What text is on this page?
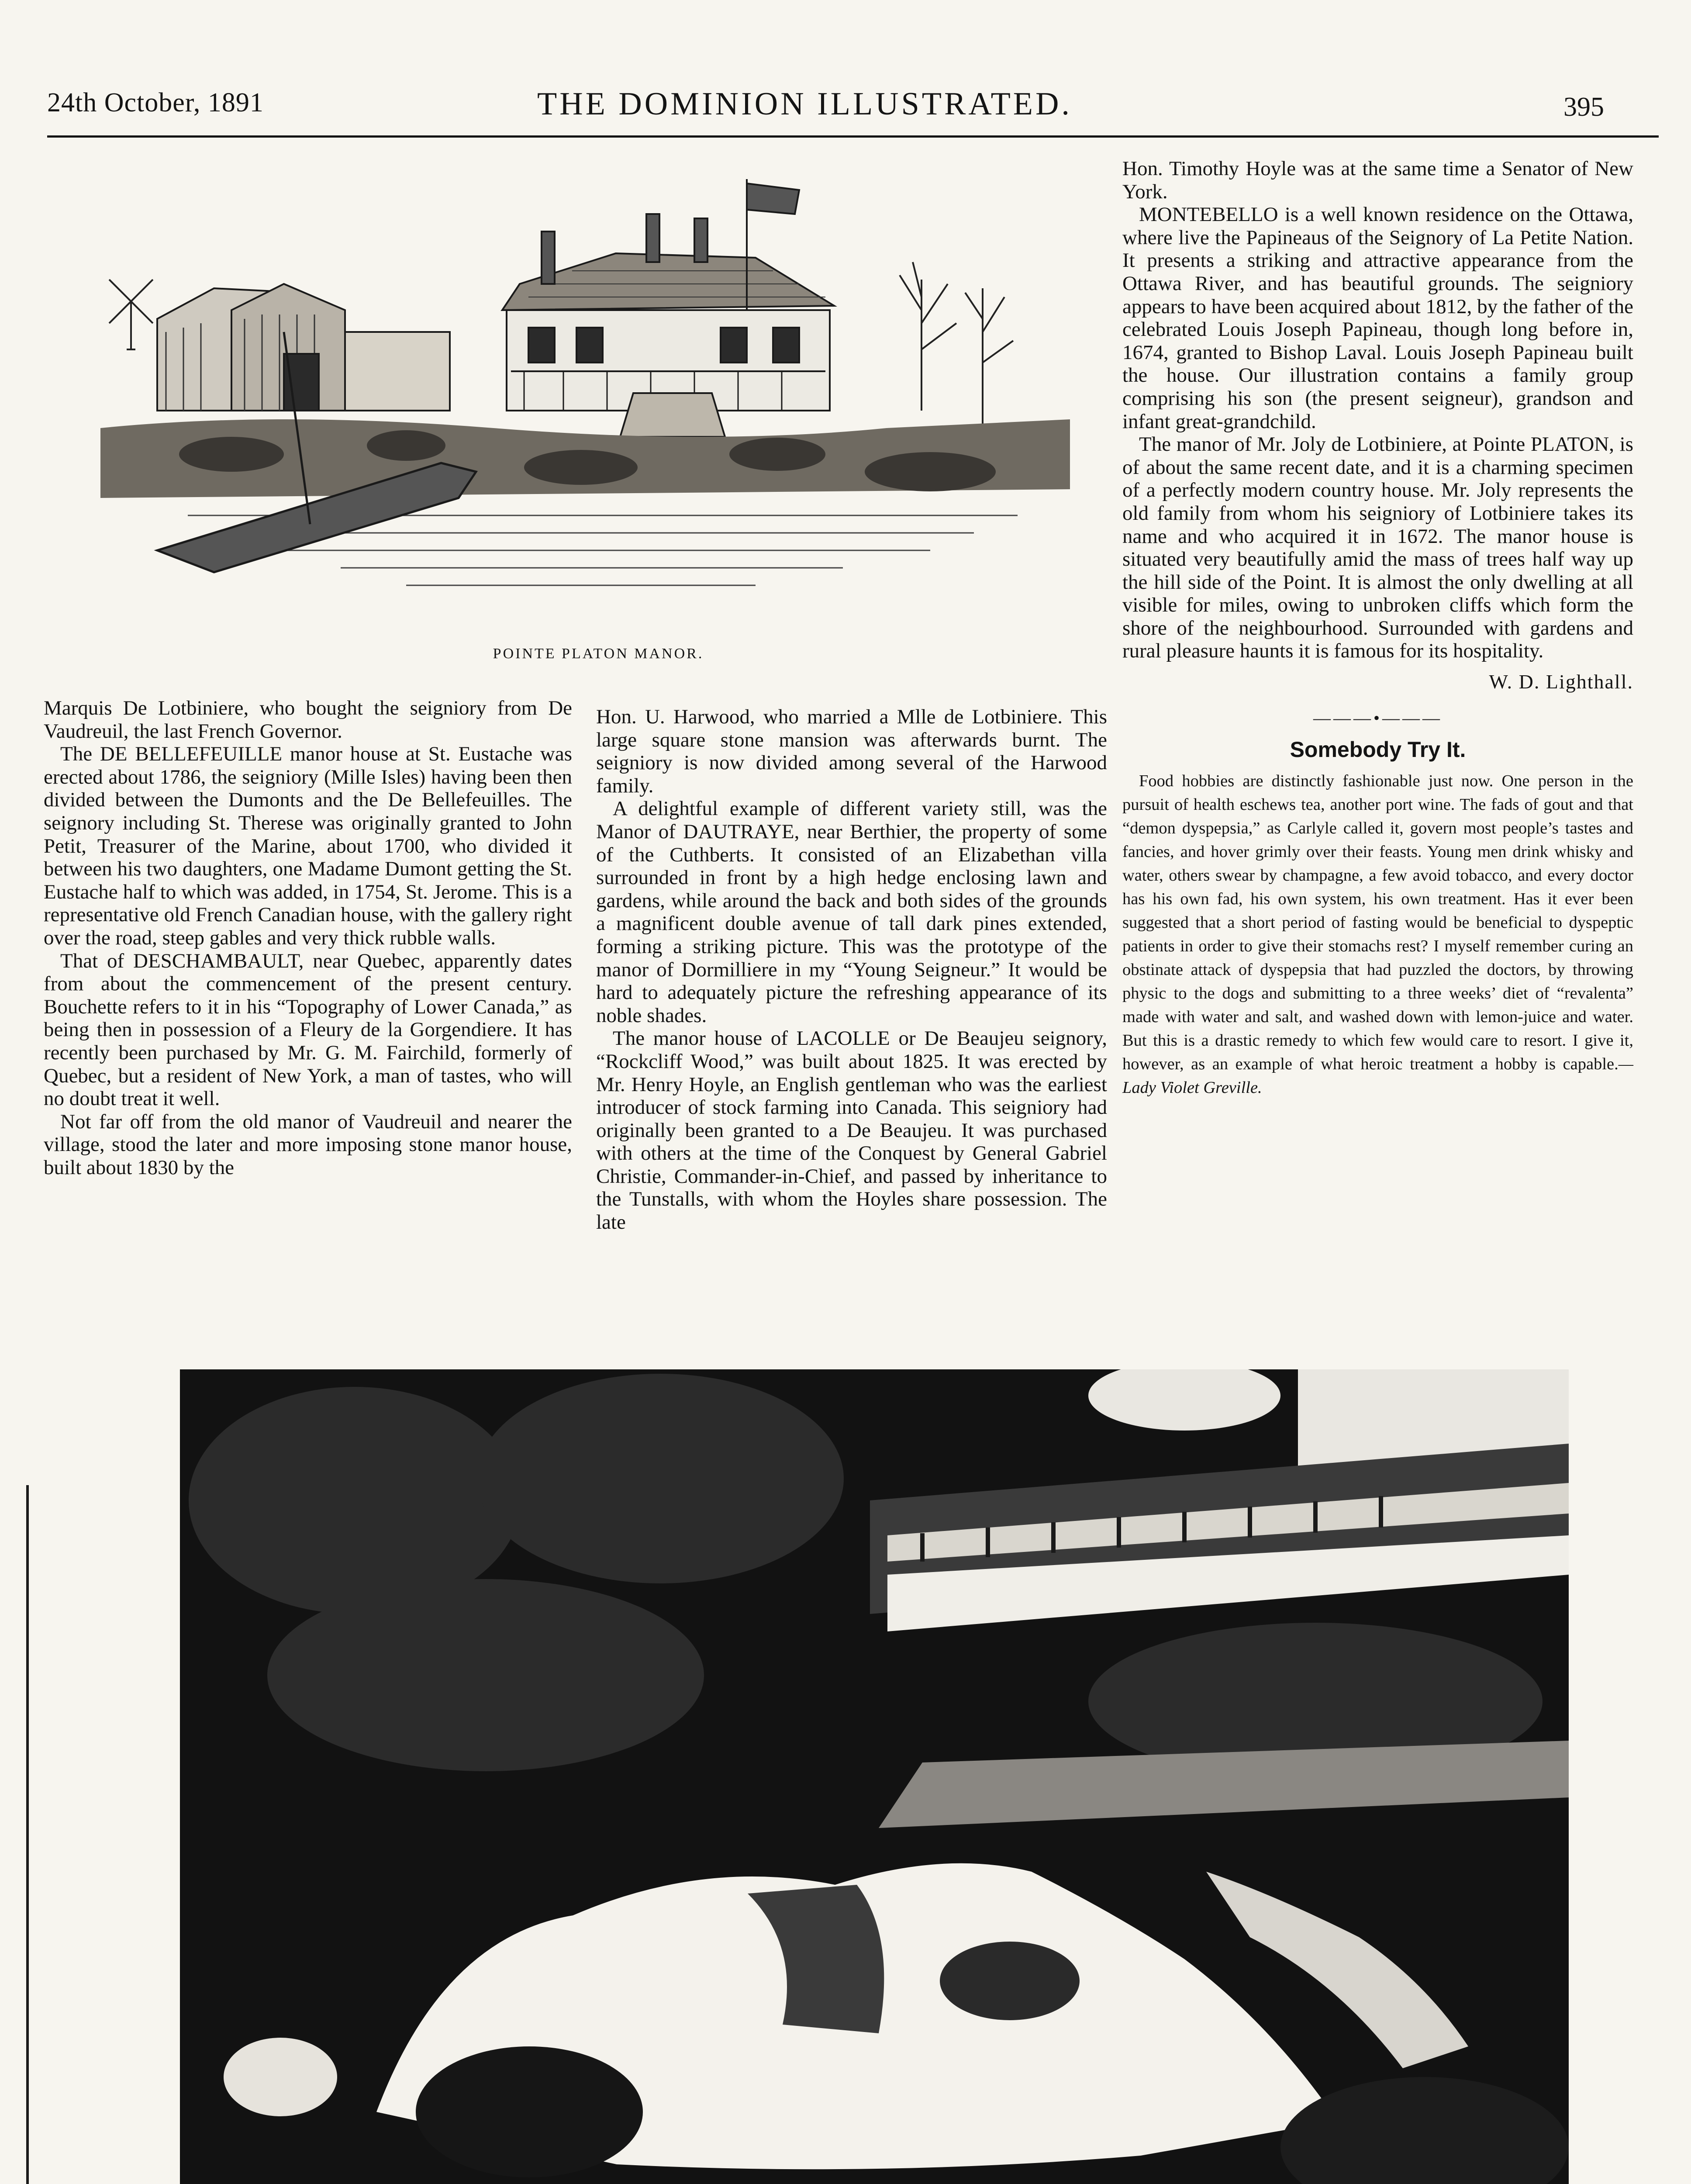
24th October, 1891	THE DOMINION ILLUSTRATED.	395
POINTE PLATON MANOR.

Marquis De Lotbiniere, who bought the seigniory from De Vaudreuil, the last French Governor.

The DE BELLEFEUILLE manor house at St. Eustache was erected about 1786, the seigniory (Mille Isles) having been then divided between the Dumonts and the De Bellefeuilles. The seignory including St. Therese was originally granted to John Petit, Treasurer of the Marine, about 1700, who divided it between his two daughters, one Madame Dumont getting the St. Eustache half to which was added, in 1754, St. Jerome. This is a representative old French Canadian house, with the gallery right over the road, steep gables and very thick rubble walls.

That of DESCHAMBAULT, near Quebec, apparently dates from about the commencement of the present century. Bouchette refers to it in his “Topography of Lower Canada,” as being then in possession of a Fleury de la Gorgendiere. It has recently been purchased by Mr. G. M. Fairchild, formerly of Quebec, but a resident of New York, a man of tastes, who will no doubt treat it well.

Not far off from the old manor of Vaudreuil and nearer the village, stood the later and more imposing stone manor house, built about 1830 by the

Hon. U. Harwood, who married a Mlle de Lotbiniere. This large square stone mansion was afterwards burnt. The seigniory is now divided among several of the Harwood family.

A delightful example of different variety still, was the Manor of DAUTRAYE, near Berthier, the property of some of the Cuthberts. It consisted of an Elizabethan villa surrounded in front by a high hedge enclosing lawn and gardens, while around the back and both sides of the grounds a magnificent double avenue of tall dark pines extended, forming a striking picture. This was the prototype of the manor of Dormilliere in my “Young Seigneur.” It would be hard to adequately picture the refreshing appearance of its noble shades.

The manor house of LACOLLE or De Beaujeu seignory, “Rockcliff Wood,” was built about 1825. It was erected by Mr. Henry Hoyle, an English gentleman who was the earliest introducer of stock farming into Canada. This seigniory had originally been granted to a De Beaujeu. It was purchased with others at the time of the Conquest by General Gabriel Christie, Commander-in-Chief, and passed by inheritance to the Tunstalls, with whom the Hoyles share possession. The late

Hon. Timothy Hoyle was at the same time a Senator of New York.

MONTEBELLO is a well known residence on the Ottawa, where live the Papineaus of the Seignory of La Petite Nation. It presents a striking and attractive appearance from the Ottawa River, and has beautiful grounds. The seigniory appears to have been acquired about 1812, by the father of the celebrated Louis Joseph Papineau, though long before in, 1674, granted to Bishop Laval. Louis Joseph Papineau built the house. Our illustration contains a family group comprising his son (the present seigneur), grandson and infant great-grandchild.

The manor of Mr. Joly de Lotbiniere, at Pointe PLATON, is of about the same recent date, and it is a charming specimen of a perfectly modern country house. Mr. Joly represents the old family from whom his seigniory of Lotbiniere takes its name and who acquired it in 1672. The manor house is situated very beautifully amid the mass of trees half way up the hill side of the Point. It is almost the only dwelling at all visible for miles, owing to unbroken cliffs which form the shore of the neighbourhood. Surrounded with gardens and rural pleasure haunts it is famous for its hospitality.

W. D. Lighthall.
———•———
Somebody Try It.

Food hobbies are distinctly fashionable just now. One person in the pursuit of health eschews tea, another port wine. The fads of gout and that “demon dyspepsia,” as Carlyle called it, govern most people’s tastes and fancies, and hover grimly over their feasts. Young men drink whisky and water, others swear by champagne, a few avoid tobacco, and every doctor has his own fad, his own system, his own treatment. Has it ever been suggested that a short period of fasting would be beneficial to dyspeptic patients in order to give their stomachs rest? I myself remember curing an obstinate attack of dyspepsia that had puzzled the doctors, by throwing physic to the dogs and submitting to a three weeks’ diet of “revalenta” made with water and salt, and washed down with lemon-juice and water. But this is a drastic remedy to which few would care to resort. I give it, however, as an example of what heroic treatment a hobby is capable.—Lady Violet Greville.
